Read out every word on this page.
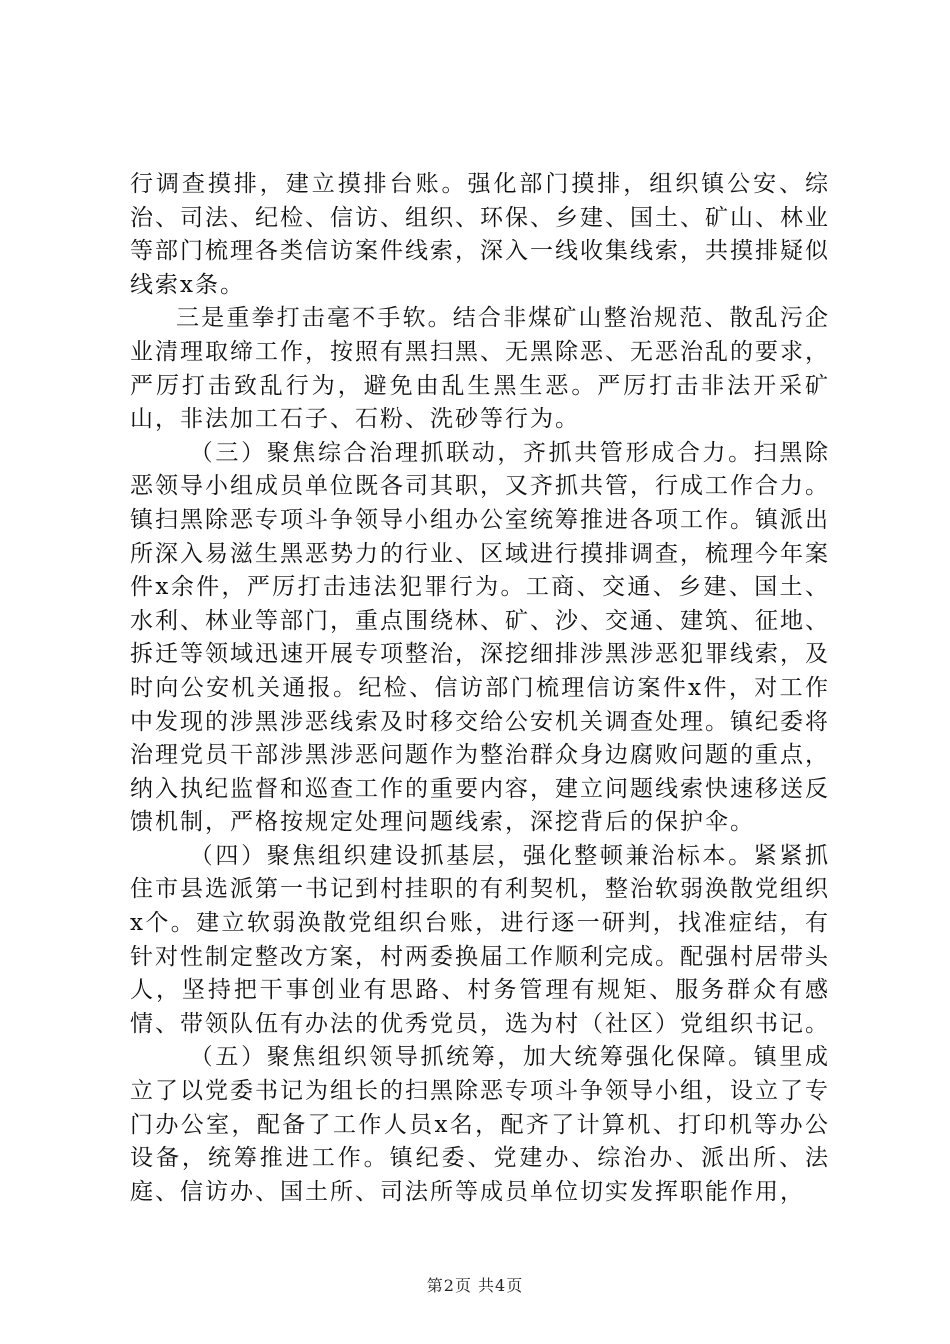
行调查摸排，建立摸排台账。强化部门摸排，组织镇公安、综治、司法、纪检、信访、组织、环保、乡建、国土、矿山、林业等部门梳理各类信访案件线索，深入一线收集线索，共摸排疑似线索x条。

三是重拳打击毫不手软。结合非煤矿山整治规范、散乱污企业清理取缔工作，按照有黑扫黑、无黑除恶、无恶治乱的要求，严厉打击致乱行为，避免由乱生黑生恶。严厉打击非法开采矿山，非法加工石子、石粉、洗砂等行为。

（三）聚焦综合治理抓联动，齐抓共管形成合力。扫黑除恶领导小组成员单位既各司其职，又齐抓共管，行成工作合力。镇扫黑除恶专项斗争领导小组办公室统筹推进各项工作。镇派出所深入易滋生黑恶势力的行业、区域进行摸排调查，梳理今年案件x余件，严厉打击违法犯罪行为。工商、交通、乡建、国土、水利、林业等部门，重点围绕林、矿、沙、交通、建筑、征地、拆迁等领域迅速开展专项整治，深挖细排涉黑涉恶犯罪线索，及时向公安机关通报。纪检、信访部门梳理信访案件x件，对工作中发现的涉黑涉恶线索及时移交给公安机关调查处理。镇纪委将治理党员干部涉黑涉恶问题作为整治群众身边腐败问题的重点，纳入执纪监督和巡查工作的重要内容，建立问题线索快速移送反馈机制，严格按规定处理问题线索，深挖背后的保护伞。

（四）聚焦组织建设抓基层，强化整顿兼治标本。紧紧抓住市县选派第一书记到村挂职的有利契机，整治软弱涣散党组织x个。建立软弱涣散党组织台账，进行逐一研判，找准症结，有针对性制定整改方案，村两委换届工作顺利完成。配强村居带头人，坚持把干事创业有思路、村务管理有规矩、服务群众有感情、带领队伍有办法的优秀党员，选为村（社区）党组织书记。

（五）聚焦组织领导抓统筹，加大统筹强化保障。镇里成立了以党委书记为组长的扫黑除恶专项斗争领导小组，设立了专门办公室，配备了工作人员x名，配齐了计算机、打印机等办公设备，统筹推进工作。镇纪委、党建办、综治办、派出所、法庭、信访办、国土所、司法所等成员单位切实发挥职能作用，

第2页 共4页
